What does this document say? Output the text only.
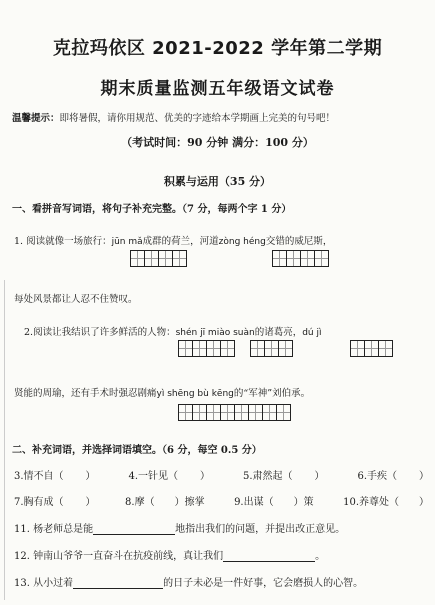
克拉玛依区 2021-2022 学年第二学期
期末质量监测五年级语文试卷
温馨提示：即将暑假，请你用规范、优美的字迹给本学期画上完美的句号吧！
（考试时间：90 分钟 满分：100 分）
积累与运用（35 分）
一、看拼音写词语，将句子补充完整。（7 分，每两个字 1 分）
1. 阅读就像一场旅行：jūn mǎ成群的荷兰，河道zòng héng交错的威尼斯，
每处风景都让人忍不住赞叹。
2.阅读让我结识了许多鲜活的人物：shén jī miào suàn的诸葛亮，dú jì
贤能的周瑜，还有手术时强忍剧痛yì shēng bù kēng的“军神”刘伯承。
二、补充词语，并选择词语填空。（6 分，每空 0.5 分）
3.情不自（ ）	4.一针见（ ）	5.肃然起（ ）	6.手疾（ ）
7.胸有成（ ）	8.摩（ ）擦掌	9.出谋（ ）策	10.养尊处（ ）
11. 杨老师总是能	地指出我们的问题，并提出改正意见。
12. 钟南山爷爷一直奋斗在抗疫前线，真让我们	。
13. 从小过着	的日子未必是一件好事，它会磨损人的心智。
